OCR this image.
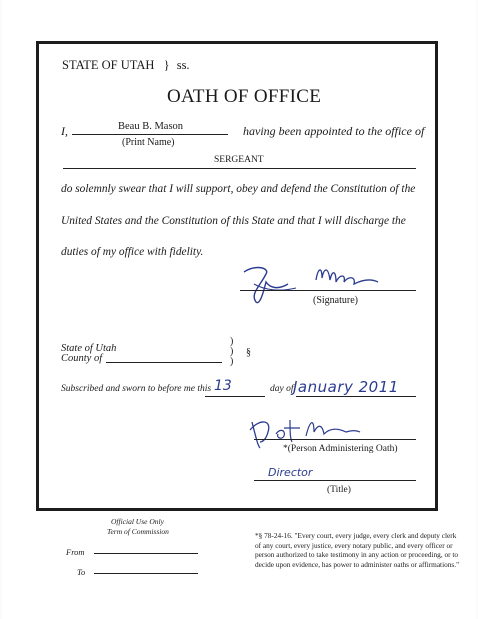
STATE OF UTAH } ss.
OATH OF OFFICE
I,	Beau B. Mason
(Print Name)
having been appointed to the office of
SERGEANT
do solemnly swear that I will support, obey and defend the Constitution of the
United States and the Constitution of this State and that I will discharge the
duties of my office with fidelity.
(Signature)
State of Utah
County of
)
)
)
§
Subscribed and sworn to before me this 13	day of January 2011
*(Person Administering Oath)
Director
(Title)
Official Use Only
Term of Commission
From
To
*§ 78-24-16. "Every court, every judge, every clerk and deputy clerk of any court, every justice, every notary public, and every officer or person authorized to take testimony in any action or proceeding, or to decide upon evidence, has power to administer oaths or affirmations."
